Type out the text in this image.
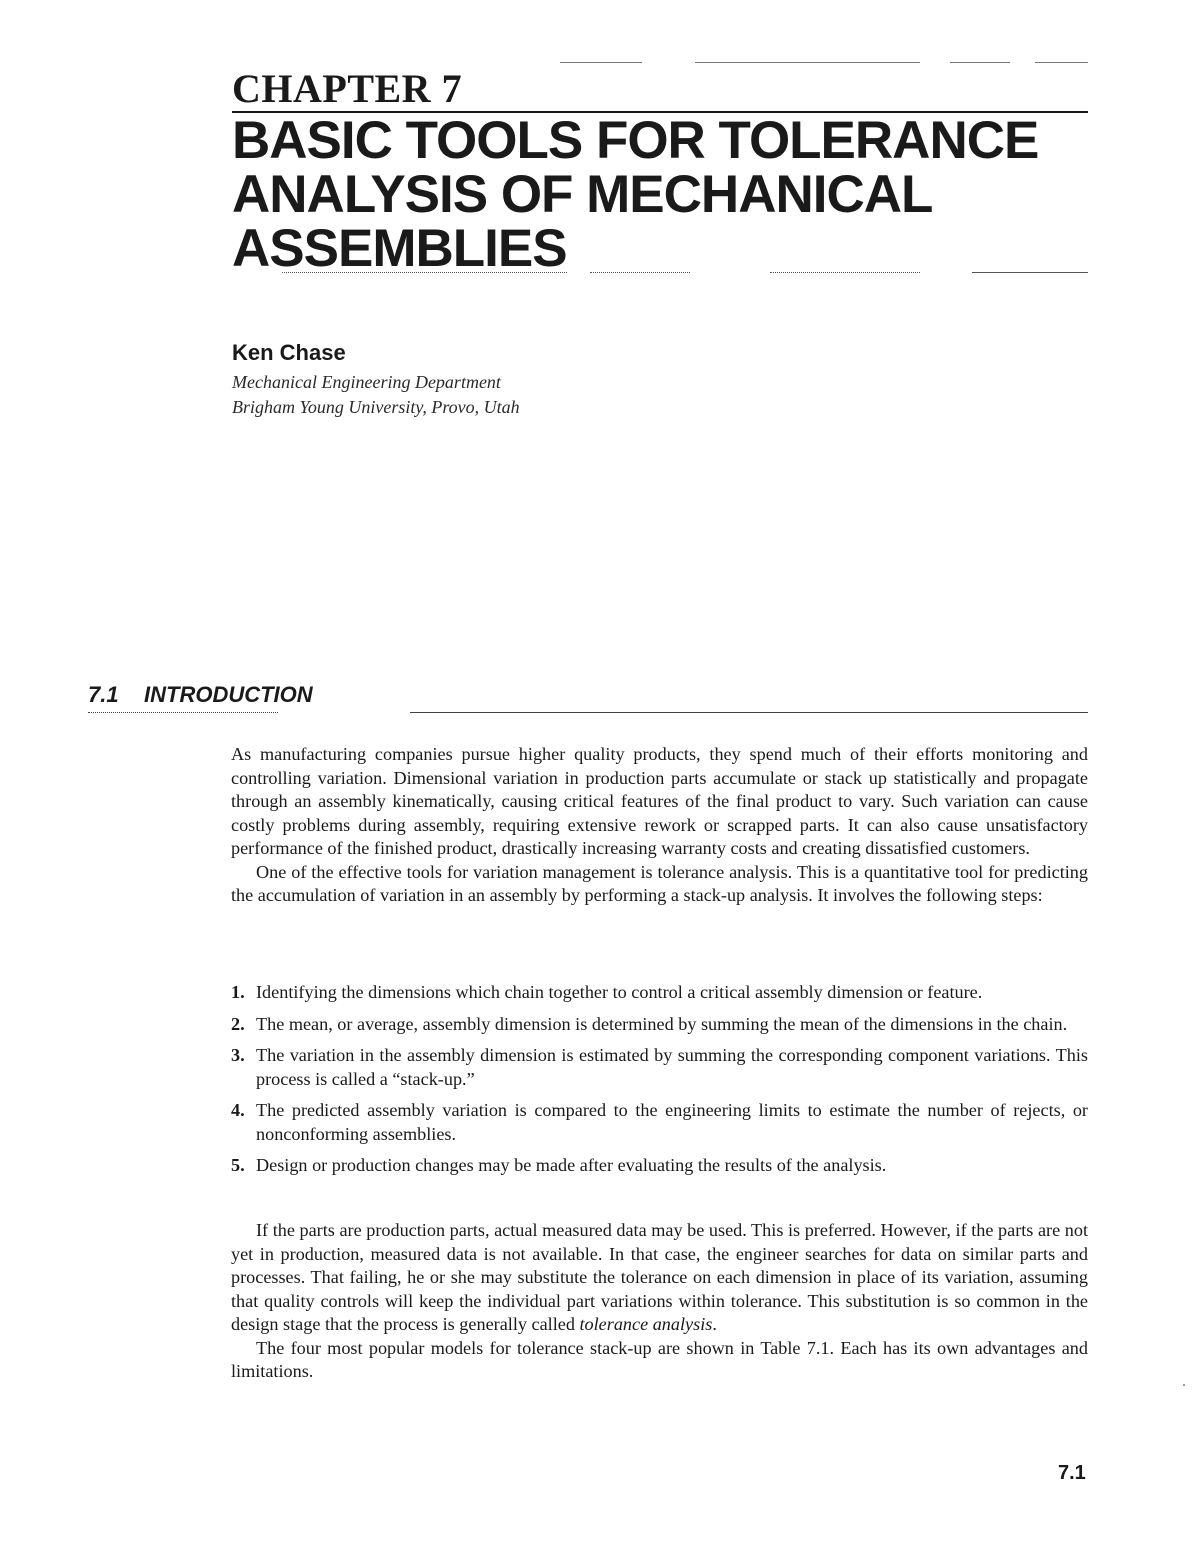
CHAPTER 7
BASIC TOOLS FOR TOLERANCE
ANALYSIS OF MECHANICAL
ASSEMBLIES
Ken Chase
Mechanical Engineering Department
Brigham Young University, Provo, Utah
7.1 INTRODUCTION

As manufacturing companies pursue higher quality products, they spend much of their efforts monitoring and controlling variation. Dimensional variation in production parts accumulate or stack up statistically and propagate through an assembly kinematically, causing critical features of the final product to vary. Such variation can cause costly problems during assembly, requiring extensive rework or scrapped parts. It can also cause unsatisfactory performance of the finished product, drastically increasing warranty costs and creating dissatisfied customers.

One of the effective tools for variation management is tolerance analysis. This is a quantitative tool for predicting the accumulation of variation in an assembly by performing a stack-up analysis. It involves the following steps:

1. Identifying the dimensions which chain together to control a critical assembly dimension or feature.
2. The mean, or average, assembly dimension is determined by summing the mean of the dimensions in the chain.
3. The variation in the assembly dimension is estimated by summing the corresponding component variations. This process is called a “stack-up.”
4. The predicted assembly variation is compared to the engineering limits to estimate the number of rejects, or nonconforming assemblies.
5. Design or production changes may be made after evaluating the results of the analysis.

If the parts are production parts, actual measured data may be used. This is preferred. However, if the parts are not yet in production, measured data is not available. In that case, the engineer searches for data on similar parts and processes. That failing, he or she may substitute the tolerance on each dimension in place of its variation, assuming that quality controls will keep the individual part variations within tolerance. This substitution is so common in the design stage that the process is generally called tolerance analysis.

The four most popular models for tolerance stack-up are shown in Table 7.1. Each has its own advantages and limitations.

7.1
